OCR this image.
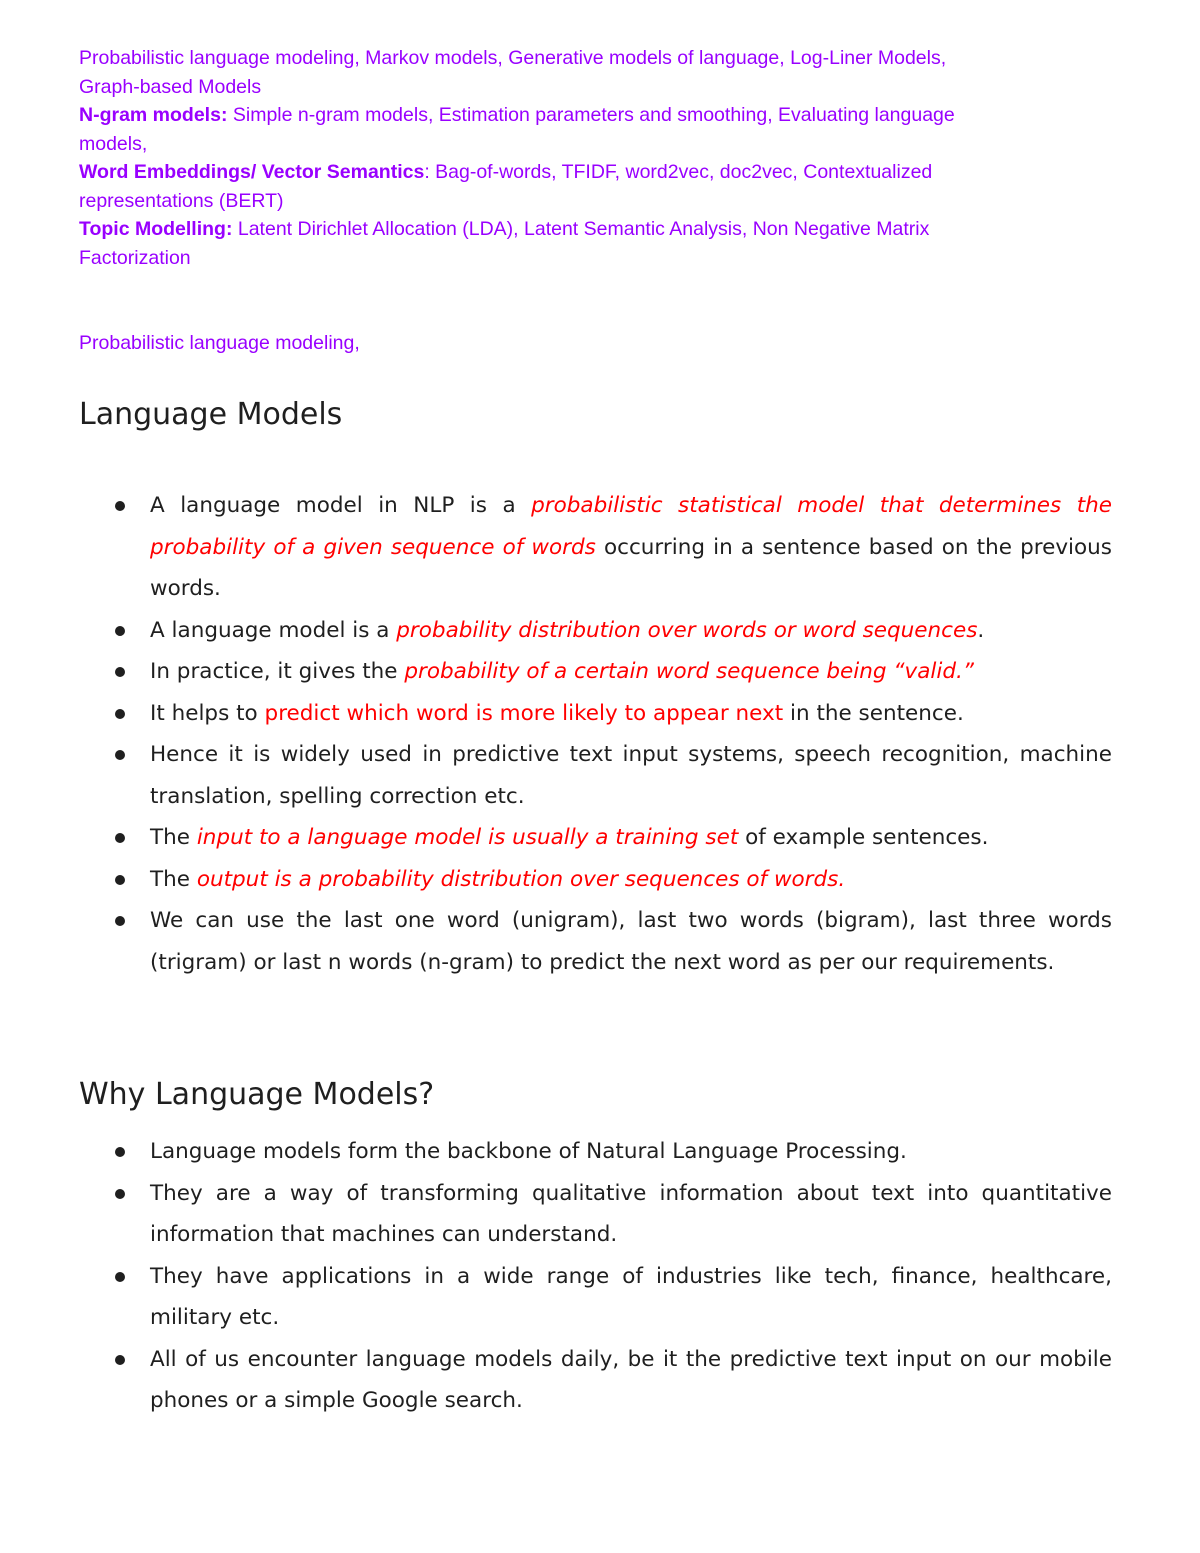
Probabilistic language modeling, Markov models, Generative models of language, Log-Liner Models, Graph-based Models

N-gram models: Simple n-gram models, Estimation parameters and smoothing, Evaluating language models,

Word Embeddings/ Vector Semantics: Bag-of-words, TFIDF, word2vec, doc2vec, Contextualized representations (BERT)

Topic Modelling: Latent Dirichlet Allocation (LDA), Latent Semantic Analysis, Non Negative Matrix Factorization

Probabilistic language modeling,

Language Models
A language model in NLP is a probabilistic statistical model that determines the probability of a given sequence of words occurring in a sentence based on the previous words.
A language model is a probability distribution over words or word sequences.
In practice, it gives the probability of a certain word sequence being “valid.”
It helps to predict which word is more likely to appear next in the sentence.
Hence it is widely used in predictive text input systems, speech recognition, machine translation, spelling correction etc.
The input to a language model is usually a training set of example sentences.
The output is a probability distribution over sequences of words.
We can use the last one word (unigram), last two words (bigram), last three words (trigram) or last n words (n-gram) to predict the next word as per our requirements.
Why Language Models?
Language models form the backbone of Natural Language Processing.
They are a way of transforming qualitative information about text into quantitative information that machines can understand.
They have applications in a wide range of industries like tech, finance, healthcare, military etc.
All of us encounter language models daily, be it the predictive text input on our mobile phones or a simple Google search.
